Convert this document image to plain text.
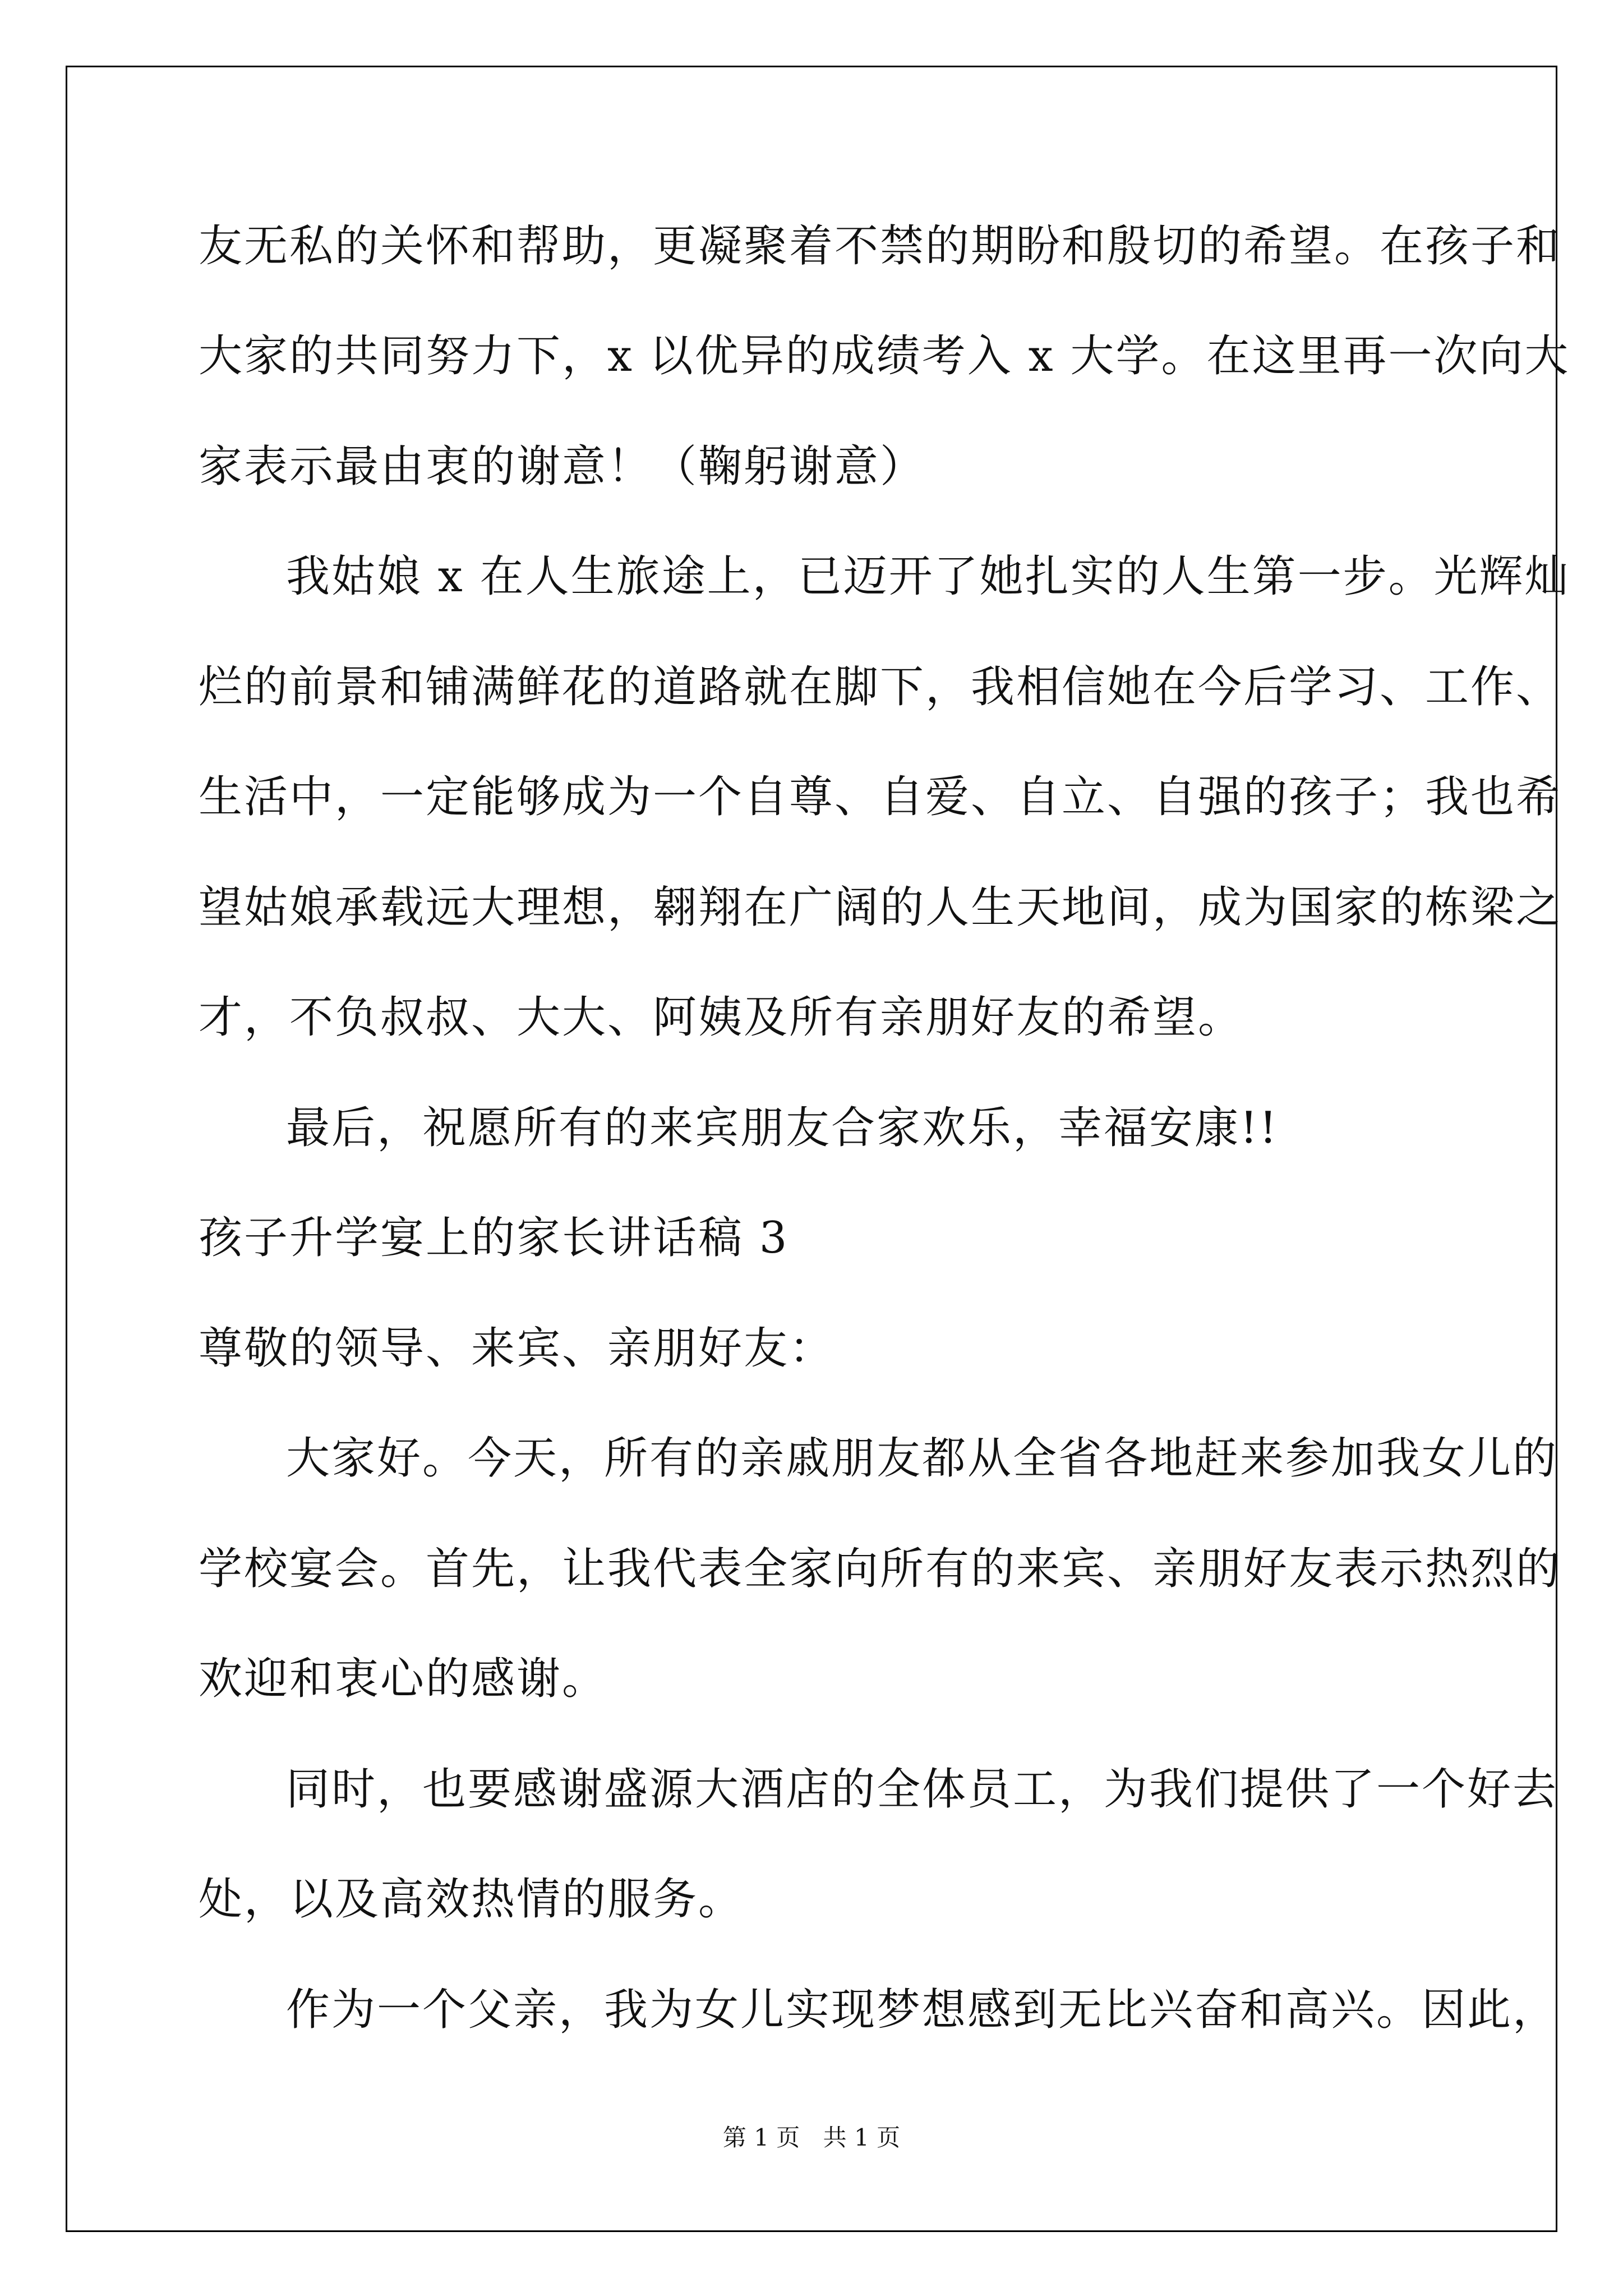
友无私的关怀和帮助，更凝聚着不禁的期盼和殷切的希望。在孩子和
大家的共同努力下，x 以优异的成绩考入 x 大学。在这里再一次向大
家表示最由衷的谢意！（鞠躬谢意）
我姑娘 x 在人生旅途上，已迈开了她扎实的人生第一步。光辉灿
烂的前景和铺满鲜花的道路就在脚下，我相信她在今后学习、工作、
生活中，一定能够成为一个自尊、自爱、自立、自强的孩子；我也希
望姑娘承载远大理想，翱翔在广阔的人生天地间，成为国家的栋梁之
才，不负叔叔、大大、阿姨及所有亲朋好友的希望。
最后，祝愿所有的来宾朋友合家欢乐，幸福安康!!
孩子升学宴上的家长讲话稿 3
尊敬的领导、来宾、亲朋好友：
大家好。今天，所有的亲戚朋友都从全省各地赶来参加我女儿的
学校宴会。首先，让我代表全家向所有的来宾、亲朋好友表示热烈的
欢迎和衷心的感谢。
同时，也要感谢盛源大酒店的全体员工，为我们提供了一个好去
处，以及高效热情的服务。
作为一个父亲，我为女儿实现梦想感到无比兴奋和高兴。因此，
第 1 页 共 1 页
